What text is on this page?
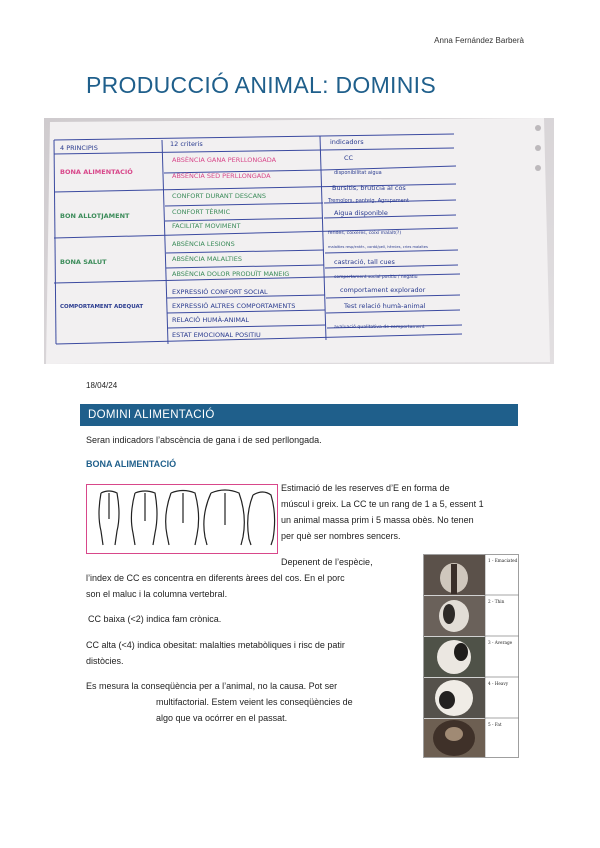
Anna Fernández Barberà
PRODUCCIÓ ANIMAL: DOMINIS
4 PRINCIPIS	12 criteris	indicadors
BONA ALIMENTACIÓ
BON ALLOTJAMENT
BONA SALUT
COMPORTAMENT ADEQUAT
ABSÈNCIA GANA PERLLONGADA
ABSÈNCIA SED PERLLONGADA
CONFORT DURANT DESCANS
CONFORT TÈRMIC
FACILITAT MOVIMENT
ABSÈNCIA LESIONS
ABSÈNCIA MALALTIES
ABSÈNCIA DOLOR PRODUÏT MANEIG
EXPRESSIÓ CONFORT SOCIAL
EXPRESSIÓ ALTRES COMPORTAMENTS
RELACIÓ HUMÀ-ANIMAL
ESTAT EMOCIONAL POSITIU
CC
disponibilitat aigua
Bursitis, bruticia al cos
Tremolors, panteig, Agrupament
Aigua disponible
ferides, coixeres, coixí malalt(?)
malalties resp/entèr., cordó/pell, hèrnies, cries malaltes
castració, tall cues
comportament social positiu / negatiu
comportament explorador
Test relació humà-animal
avaluació qualitativa de comportament
18/04/24
DOMINI ALIMENTACIÓ
Seran indicadors l’abscència de gana i de sed perllongada.
BONA ALIMENTACIÓ
Estimació de les reserves d’E en forma de
múscul i greix. La CC te un rang de 1 a 5, essent 1
un animal massa prim i 5 massa obès. No tenen
per què ser nombres sencers.
Depenent de l’espècie,
l’index de CC es concentra en diferents àrees del cos. En el porc
son el maluc i la columna vertebral.
CC baixa (<2) indica fam crònica.
CC alta (<4) indica obesitat: malalties metabòliques i risc de patir
distòcies.
Es mesura la conseqüència per a l’animal, no la causa. Pot ser
multifactorial. Estem veient les conseqüències de
algo que va ocórrer en el passat.
1 - Emaciated
2 - Thin
3 - Average
4 - Heavy
5 - Fat
